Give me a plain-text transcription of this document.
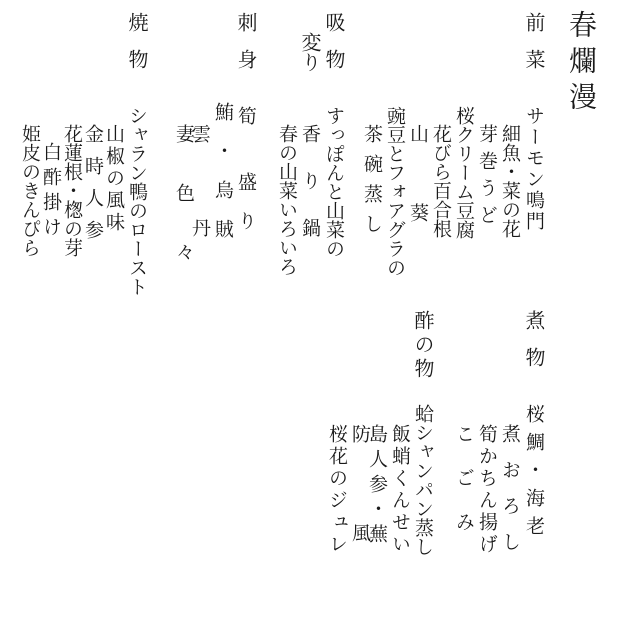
春爛漫
前菜
サーモン鳴門
細魚・菜の花
芽巻うど
桜クリーム豆腐
花びら百合根
山葵
豌豆とフォアグラの
茶碗蒸し
吸物
変り
すっぽんと山菜の
香り鍋
春の山菜いろいろ
刺身
筍
盛り
鮪・烏賊
雲丹
妻色々
焼物
シャラン鴨のロースト
山椒の風味
金時人参
花蓮根・楤の芽
白酢掛け
姫皮のきんぴら
煮物
桜鯛・海老
煮おろし
筍かちん揚げ
こごみ
酢の物
蛤シャンパン蒸し
飯蛸くんせい
島人参・蕪
防風
桜花のジュレ
